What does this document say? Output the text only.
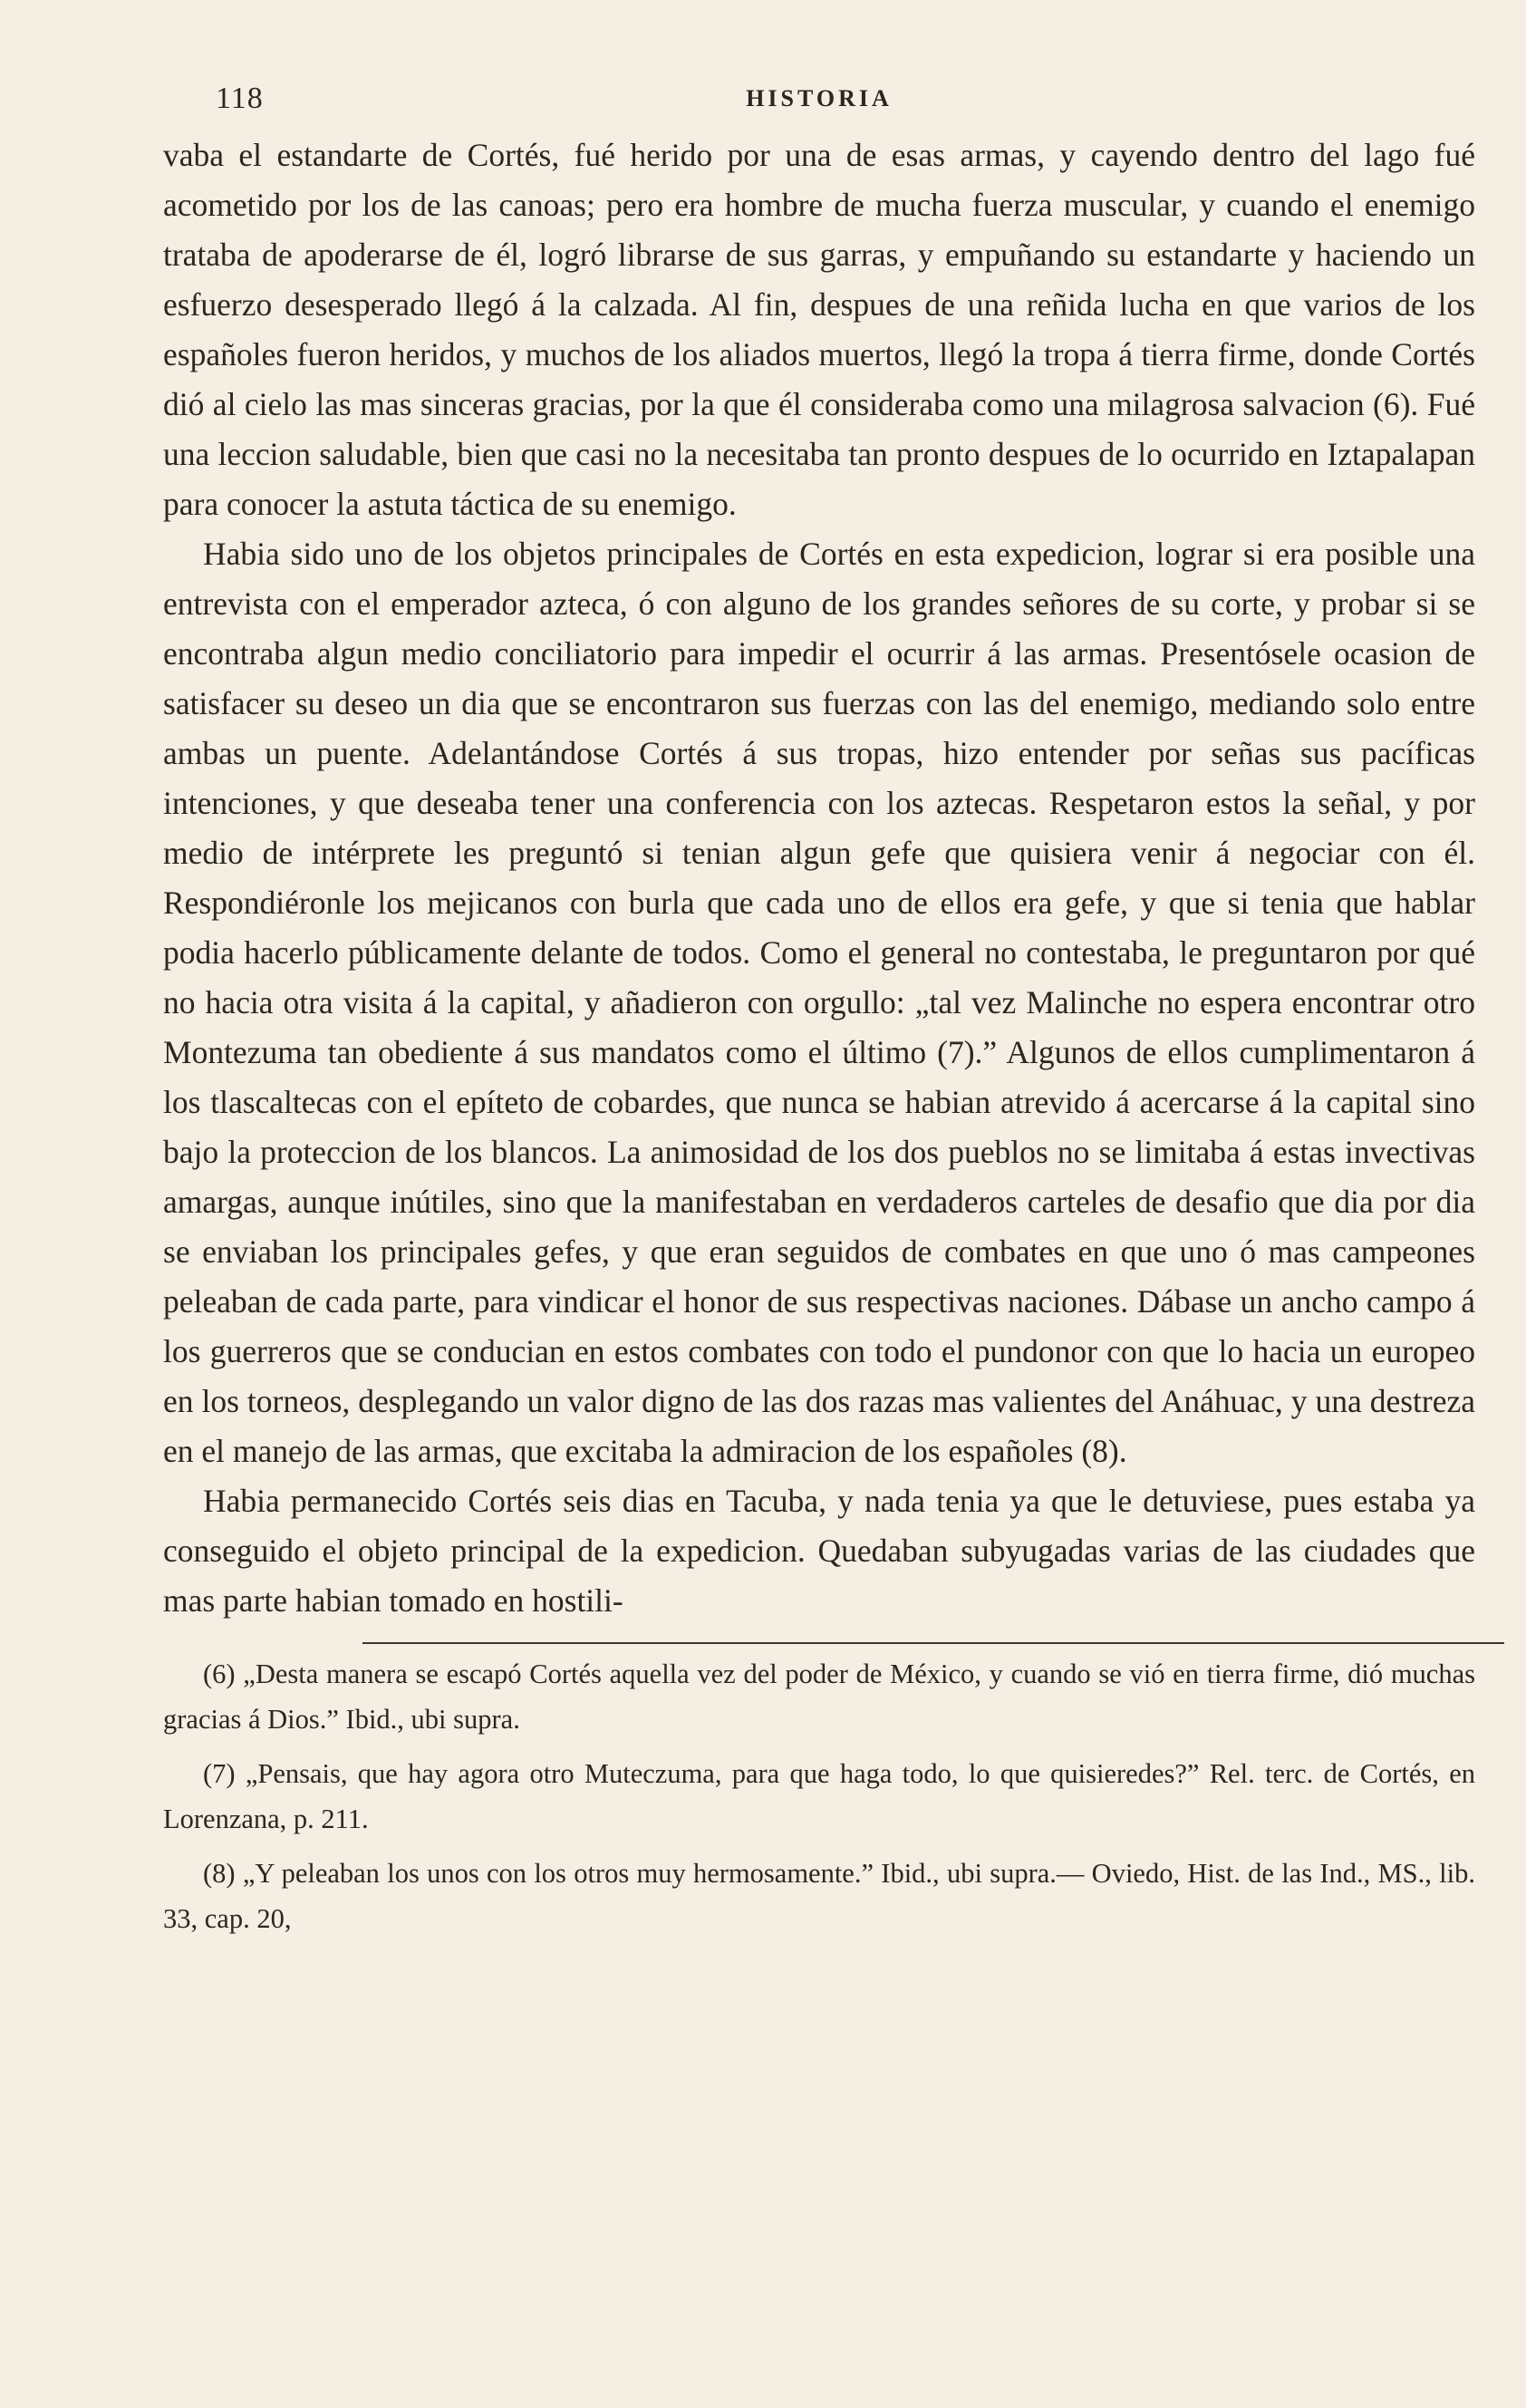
118	HISTORIA

vaba el estandarte de Cortés, fué herido por una de esas armas, y cayendo dentro del lago fué acometido por los de las canoas; pero era hombre de mucha fuerza muscular, y cuando el enemigo trataba de apoderarse de él, logró librarse de sus garras, y empuñando su estandarte y haciendo un esfuerzo desesperado llegó á la calzada. Al fin, despues de una reñida lucha en que varios de los españoles fueron heridos, y muchos de los aliados muertos, llegó la tropa á tierra firme, donde Cortés dió al cielo las mas sinceras gracias, por la que él consideraba como una milagrosa salvacion (6). Fué una leccion saludable, bien que casi no la necesitaba tan pronto despues de lo ocurrido en Iztapalapan para conocer la astuta táctica de su enemigo.

Habia sido uno de los objetos principales de Cortés en esta expedicion, lograr si era posible una entrevista con el emperador azteca, ó con alguno de los grandes señores de su corte, y probar si se encontraba algun medio conciliatorio para impedir el ocurrir á las armas. Presentósele ocasion de satisfacer su deseo un dia que se encontraron sus fuerzas con las del enemigo, mediando solo entre ambas un puente. Adelantándose Cortés á sus tropas, hizo entender por señas sus pacíficas intenciones, y que deseaba tener una conferencia con los aztecas. Respetaron estos la señal, y por medio de intérprete les preguntó si tenian algun gefe que quisiera venir á negociar con él. Respondiéronle los mejicanos con burla que cada uno de ellos era gefe, y que si tenia que hablar podia hacerlo públicamente delante de todos. Como el general no contestaba, le preguntaron por qué no hacia otra visita á la capital, y añadieron con orgullo: „tal vez Malinche no espera encontrar otro Montezuma tan obediente á sus mandatos como el último (7).” Algunos de ellos cumplimentaron á los tlascaltecas con el epíteto de cobardes, que nunca se habian atrevido á acercarse á la capital sino bajo la proteccion de los blancos. La animosidad de los dos pueblos no se limitaba á estas invectivas amargas, aunque inútiles, sino que la manifestaban en verdaderos carteles de desafio que dia por dia se enviaban los principales gefes, y que eran seguidos de combates en que uno ó mas campeones peleaban de cada parte, para vindicar el honor de sus respectivas naciones. Dábase un ancho campo á los guerreros que se conducian en estos combates con todo el pundonor con que lo hacia un europeo en los torneos, desplegando un valor digno de las dos razas mas valientes del Anáhuac, y una destreza en el manejo de las armas, que excitaba la admiracion de los españoles (8).

Habia permanecido Cortés seis dias en Tacuba, y nada tenia ya que le detuviese, pues estaba ya conseguido el objeto principal de la expedicion. Quedaban subyugadas varias de las ciudades que mas parte habian tomado en hostili-

(6) „Desta manera se escapó Cortés aquella vez del poder de México, y cuando se vió en tierra firme, dió muchas gracias á Dios.” Ibid., ubi supra.

(7) „Pensais, que hay agora otro Muteczuma, para que haga todo, lo que quisieredes?” Rel. terc. de Cortés, en Lorenzana, p. 211.

(8) „Y peleaban los unos con los otros muy hermosamente.” Ibid., ubi supra.— Oviedo, Hist. de las Ind., MS., lib. 33, cap. 20,
